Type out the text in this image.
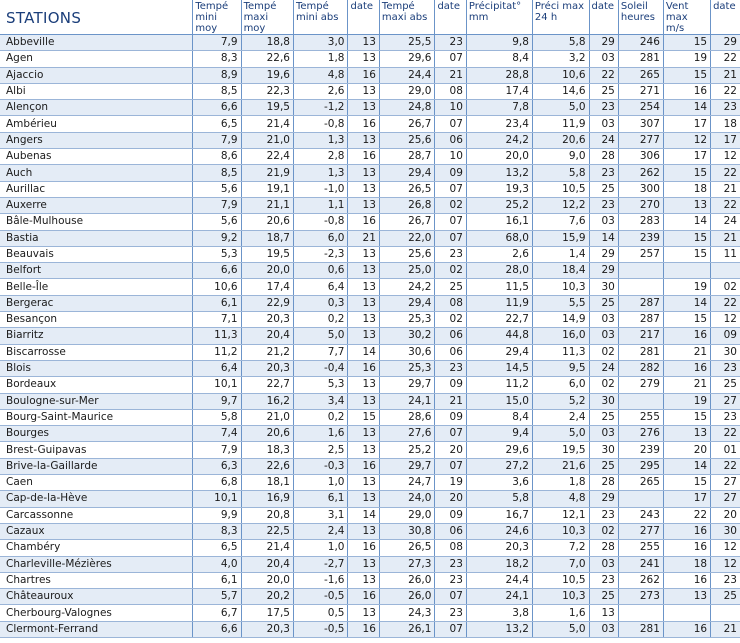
STATIONS	Tempé mini moy	Tempé maxi moy	Tempé mini abs	date	Tempé maxi abs	date	Précipitat° mm	Préci max 24 h	date	Soleil heures	Vent max m/s	date
Abbeville	7,9	18,8	3,0	13	25,5	23	9,8	5,8	29	246	15	29
Agen	8,3	22,6	1,8	13	29,6	07	8,4	3,2	03	281	19	22
Ajaccio	8,9	19,6	4,8	16	24,4	21	28,8	10,6	22	265	15	21
Albi	8,5	22,3	2,6	13	29,0	08	17,4	14,6	25	271	16	22
Alençon	6,6	19,5	-1,2	13	24,8	10	7,8	5,0	23	254	14	23
Ambérieu	6,5	21,4	-0,8	16	26,7	07	23,4	11,9	03	307	17	18
Angers	7,9	21,0	1,3	13	25,6	06	24,2	20,6	24	277	12	17
Aubenas	8,6	22,4	2,8	16	28,7	10	20,0	9,0	28	306	17	12
Auch	8,5	21,9	1,3	13	29,4	09	13,2	5,8	23	262	15	22
Aurillac	5,6	19,1	-1,0	13	26,5	07	19,3	10,5	25	300	18	21
Auxerre	7,9	21,1	1,1	13	26,8	02	25,2	12,2	23	270	13	22
Bâle-Mulhouse	5,6	20,6	-0,8	16	26,7	07	16,1	7,6	03	283	14	24
Bastia	9,2	18,7	6,0	21	22,0	07	68,0	15,9	14	239	15	21
Beauvais	5,3	19,5	-2,3	13	25,6	23	2,6	1,4	29	257	15	11
Belfort	6,6	20,0	0,6	13	25,0	02	28,0	18,4	29			
Belle-Île	10,6	17,4	6,4	13	24,2	25	11,5	10,3	30		19	02
Bergerac	6,1	22,9	0,3	13	29,4	08	11,9	5,5	25	287	14	22
Besançon	7,1	20,3	0,2	13	25,3	02	22,7	14,9	03	287	15	12
Biarritz	11,3	20,4	5,0	13	30,2	06	44,8	16,0	03	217	16	09
Biscarrosse	11,2	21,2	7,7	14	30,6	06	29,4	11,3	02	281	21	30
Blois	6,4	20,3	-0,4	16	25,3	23	14,5	9,5	24	282	16	23
Bordeaux	10,1	22,7	5,3	13	29,7	09	11,2	6,0	02	279	21	25
Boulogne-sur-Mer	9,7	16,2	3,4	13	24,1	21	15,0	5,2	30		19	27
Bourg-Saint-Maurice	5,8	21,0	0,2	15	28,6	09	8,4	2,4	25	255	15	23
Bourges	7,4	20,6	1,6	13	27,6	07	9,4	5,0	03	276	13	22
Brest-Guipavas	7,9	18,3	2,5	13	25,2	20	29,6	19,5	30	239	20	01
Brive-la-Gaillarde	6,3	22,6	-0,3	16	29,7	07	27,2	21,6	25	295	14	22
Caen	6,8	18,1	1,0	13	24,7	19	3,6	1,8	28	265	15	27
Cap-de-la-Hève	10,1	16,9	6,1	13	24,0	20	5,8	4,8	29		17	27
Carcassonne	9,9	20,8	3,1	14	29,0	09	16,7	12,1	23	243	22	20
Cazaux	8,3	22,5	2,4	13	30,8	06	24,6	10,3	02	277	16	30
Chambéry	6,5	21,4	1,0	16	26,5	08	20,3	7,2	28	255	16	12
Charleville-Mézières	4,0	20,4	-2,7	13	27,3	23	18,2	7,0	03	241	18	12
Chartres	6,1	20,0	-1,6	13	26,0	23	24,4	10,5	23	262	16	23
Châteauroux	5,7	20,2	-0,5	16	26,0	07	24,1	10,3	25	273	13	25
Cherbourg-Valognes	6,7	17,5	0,5	13	24,3	23	3,8	1,6	13			
Clermont-Ferrand	6,6	20,3	-0,5	16	26,1	07	13,2	5,0	03	281	16	21
